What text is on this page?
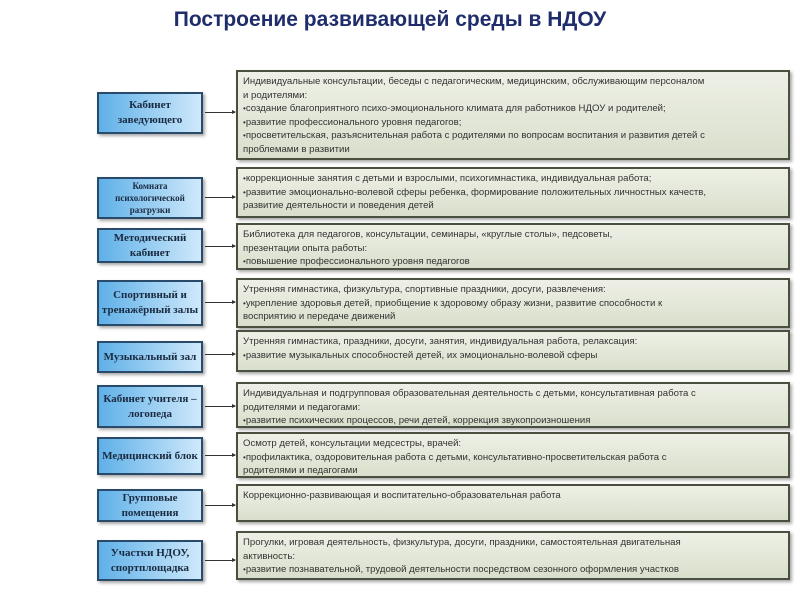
Построение развивающей среды в НДОУ
Кабинет заведующего
Индивидуальные консультации, беседы с педагогическим, медицинским, обслуживающим персоналом
и родителями:
• создание благоприятного психо-эмоционального климата для работников НДОУ и родителей;
• развитие профессионального уровня педагогов;
• просветительская, разъяснительная работа с родителями по вопросам воспитания и развития детей с
проблемами в развитии
Комната психологической разгрузки
• коррекционные занятия с детьми и взрослыми, психогимнастика, индивидуальная работа;
• развитие эмоционально-волевой сферы ребенка, формирование положительных личностных качеств,
развитие деятельности и поведения детей
Методический кабинет
Библиотека для педагогов, консультации, семинары, «круглые столы», педсоветы,
презентации опыта работы:
• повышение профессионального уровня педагогов
Спортивный и тренажёрный залы
Утренняя гимнастика, физкультура, спортивные праздники, досуги, развлечения:
• укрепление здоровья детей, приобщение к здоровому образу жизни, развитие способности к
восприятию и передаче движений
Музыкальный зал
Утренняя гимнастика, праздники, досуги, занятия, индивидуальная работа, релаксация:
• развитие музыкальных способностей детей, их эмоционально-волевой сферы
Кабинет учителя – логопеда
Индивидуальная и подгрупповая образовательная деятельность с детьми, консультативная работа с
родителями и педагогами:
• развитие психических процессов, речи детей, коррекция звукопроизношения
Медицинский блок
Осмотр детей, консультации медсестры, врачей:
• профилактика, оздоровительная работа с детьми, консультативно-просветительская работа с
родителями и педагогами
Групповые помещения
Коррекционно-развивающая и воспитательно-образовательная работа
Участки НДОУ, спортплощадка
Прогулки, игровая деятельность, физкультура, досуги, праздники, самостоятельная двигательная
активность:
• развитие познавательной, трудовой деятельности посредством сезонного оформления участков
